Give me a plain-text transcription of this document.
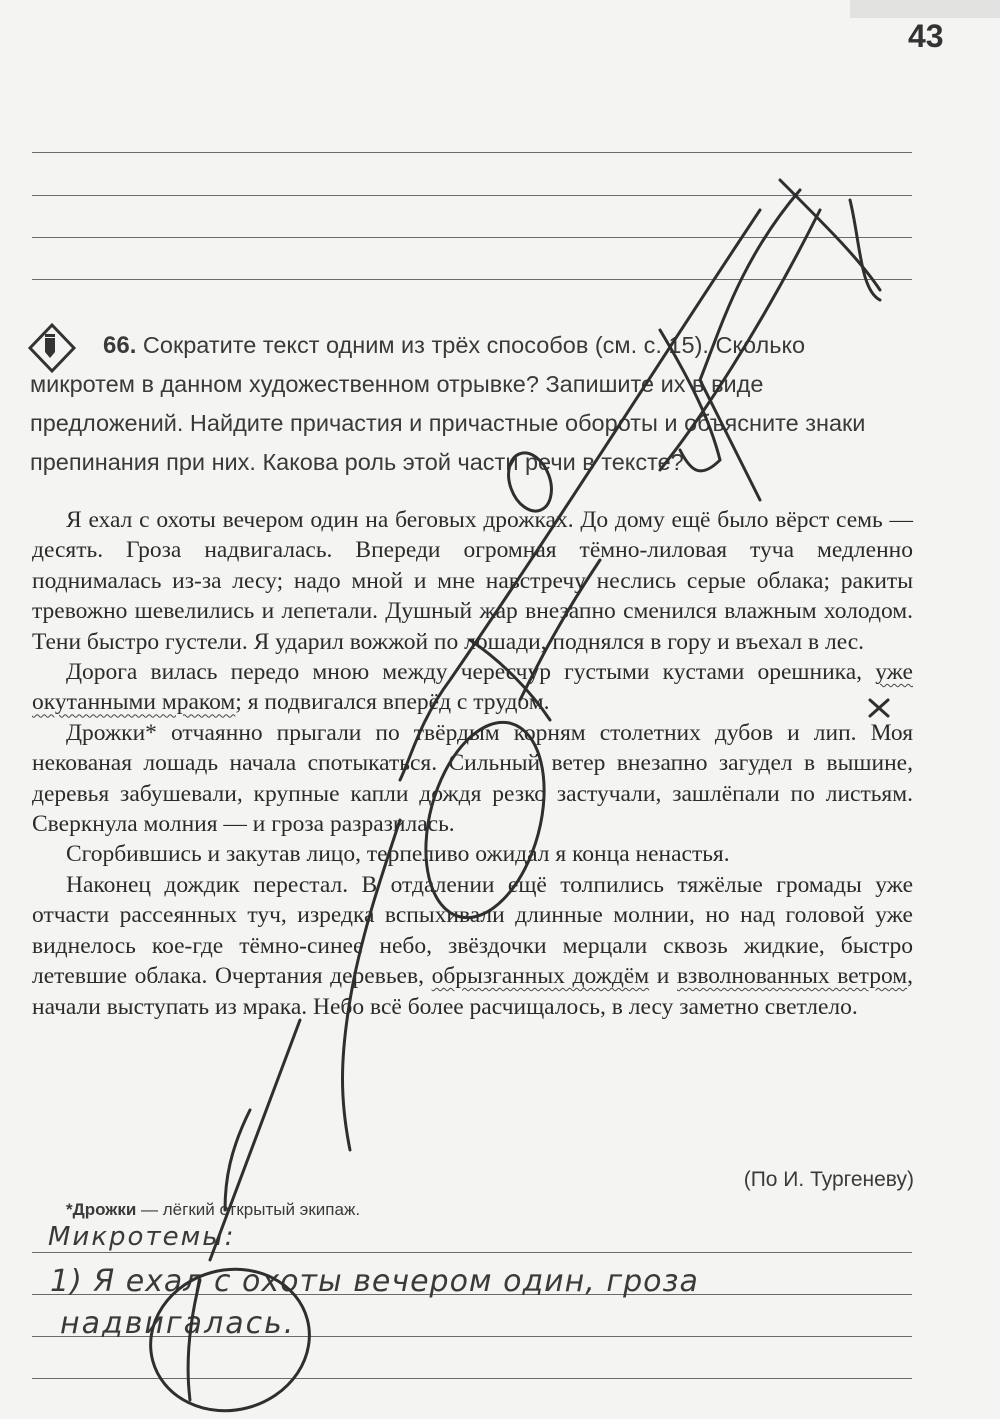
43
66. Сократите текст одним из трёх способов (см. с. 15). Сколько микротем в данном художественном отрывке? Запишите их в виде предложений. Найдите причастия и причастные обороты и объясните знаки препинания при них. Какова роль этой части речи в тексте?

Я ехал с охоты вечером один на беговых дрожках. До дому ещё было вёрст семь — десять. Гроза надвигалась. Впереди огромная тёмно-лиловая туча медленно поднималась из-за лесу; надо мной и мне навстречу неслись серые облака; ракиты тревожно шевелились и лепетали. Душный жар внезапно сменился влажным холодом. Тени быстро густели. Я ударил вожжой по лошади, поднялся в гору и въехал в лес.

Дорога вилась передо мною между чересчур густыми кустами орешника, уже окутанными мраком; я подвигался вперёд с трудом.

Дрожки* отчаянно прыгали по твёрдым корням столетних дубов и лип. Моя некованая лошадь начала спотыкаться. Сильный ветер внезапно загудел в вышине, деревья забушевали, крупные капли дождя резко застучали, зашлёпали по листьям. Сверкнула молния — и гроза разразилась.

Сгорбившись и закутав лицо, терпеливо ожидал я конца ненастья.

Наконец дождик перестал. В отдалении ещё толпились тяжёлые громады уже отчасти рассеянных туч, изредка вспыхивали длинные молнии, но над головой уже виднелось кое-где тёмно-синее небо, звёздочки мерцали сквозь жидкие, быстро летевшие облака. Очертания деревьев, обрызганных дождём и взволнованных ветром, начали выступать из мрака. Небо всё более расчищалось, в лесу заметно светлело.

(По И. Тургеневу)
*Дрожки — лёгкий открытый экипаж.
Микротемы:
1) Я ехал с охоты вечером один, гроза
надвигалась.
